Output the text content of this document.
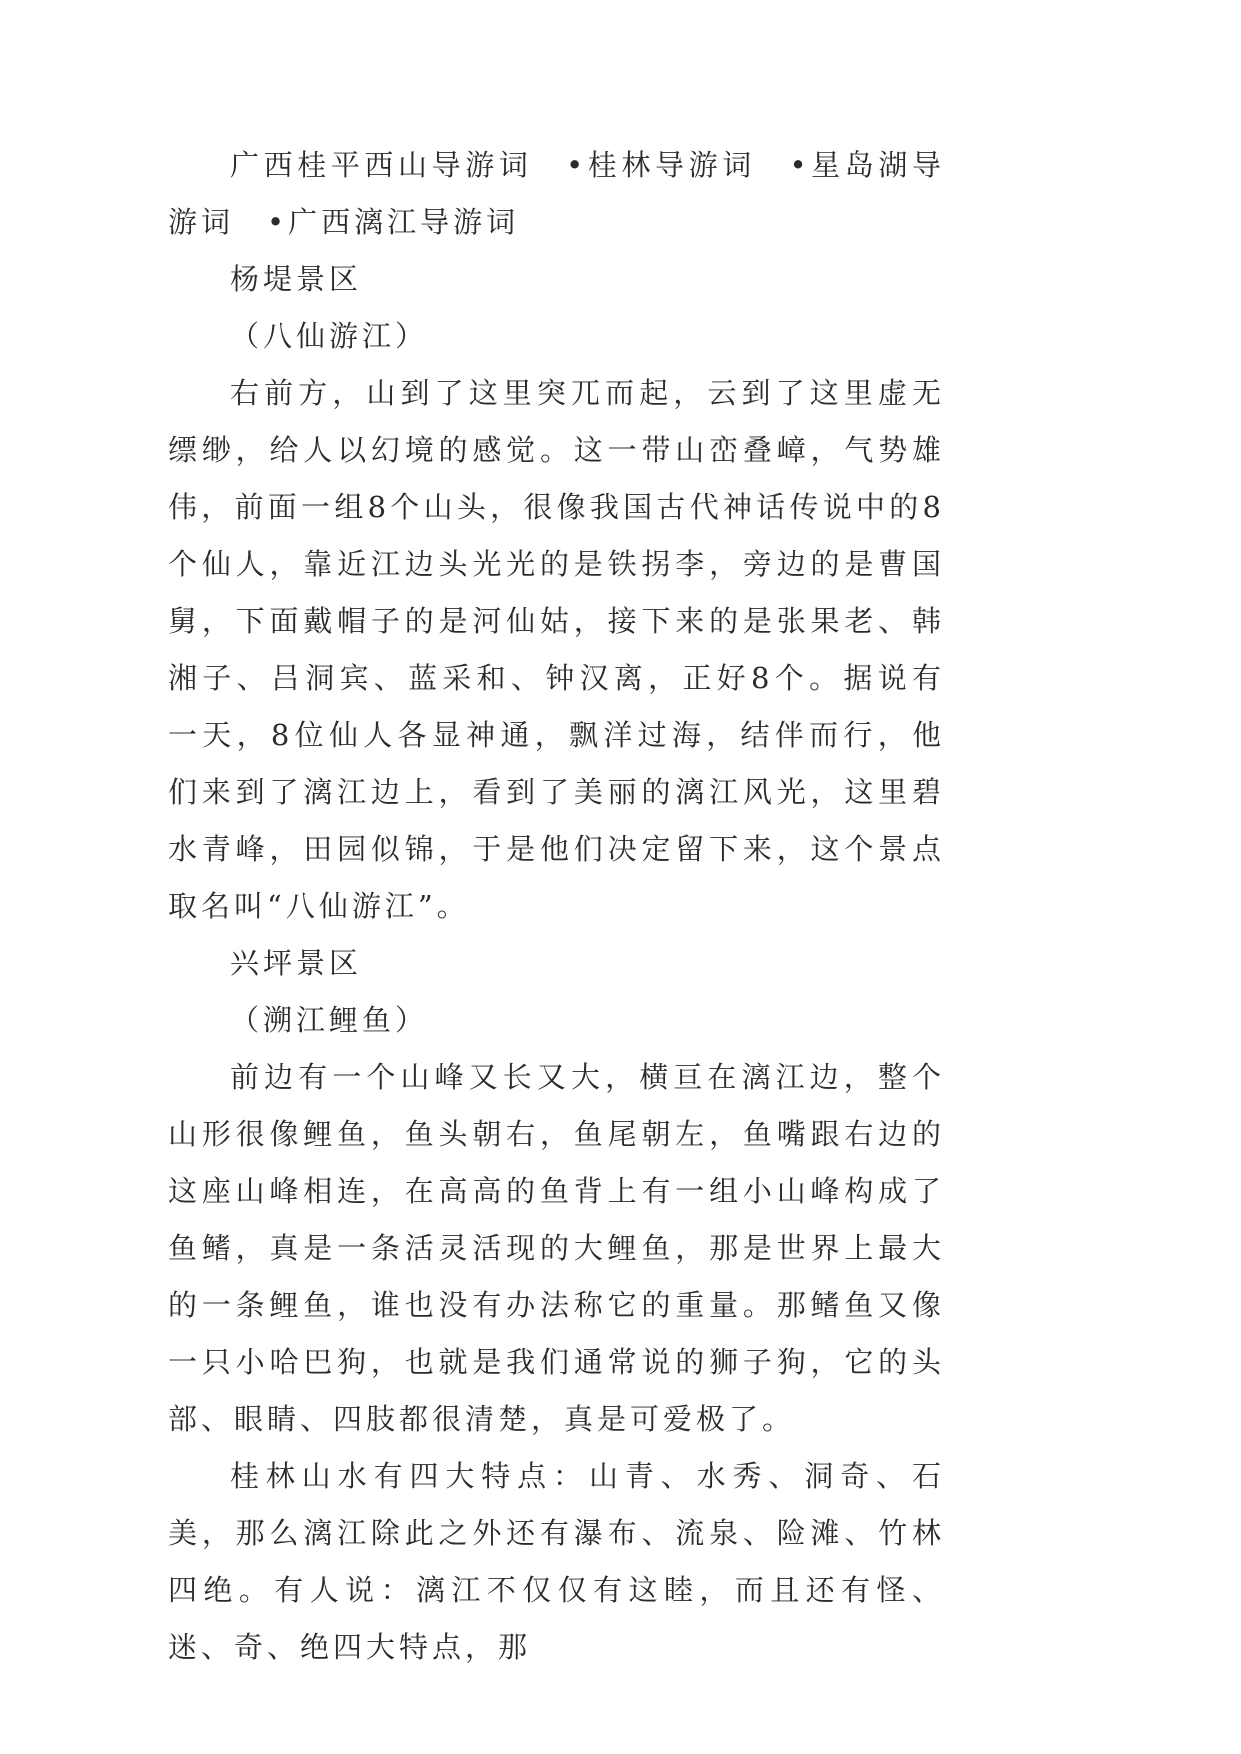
广西桂平西山导游词　•桂林导游词　•星岛湖导游词　•广西漓江导游词

杨堤景区

（八仙游江）

右前方，山到了这里突兀而起，云到了这里虚无缥缈，给人以幻境的感觉。这一带山峦叠嶂，气势雄伟，前面一组8个山头，很像我国古代神话传说中的8个仙人，靠近江边头光光的是铁拐李，旁边的是曹国舅，下面戴帽子的是河仙姑，接下来的是张果老、韩湘子、吕洞宾、蓝采和、钟汉离，正好8个。据说有一天，8位仙人各显神通，飘洋过海，结伴而行，他们来到了漓江边上，看到了美丽的漓江风光，这里碧水青峰，田园似锦，于是他们决定留下来，这个景点取名叫“八仙游江”。

兴坪景区

（溯江鲤鱼）

前边有一个山峰又长又大，横亘在漓江边，整个山形很像鲤鱼，鱼头朝右，鱼尾朝左，鱼嘴跟右边的这座山峰相连，在高高的鱼背上有一组小山峰构成了鱼鳍，真是一条活灵活现的大鲤鱼，那是世界上最大的一条鲤鱼，谁也没有办法称它的重量。那鳍鱼又像一只小哈巴狗，也就是我们通常说的狮子狗，它的头部、眼睛、四肢都很清楚，真是可爱极了。

桂林山水有四大特点：山青、水秀、洞奇、石美，那么漓江除此之外还有瀑布、流泉、险滩、竹林四绝。有人说：漓江不仅仅有这睦，而且还有怪、迷、奇、绝四大特点，那
